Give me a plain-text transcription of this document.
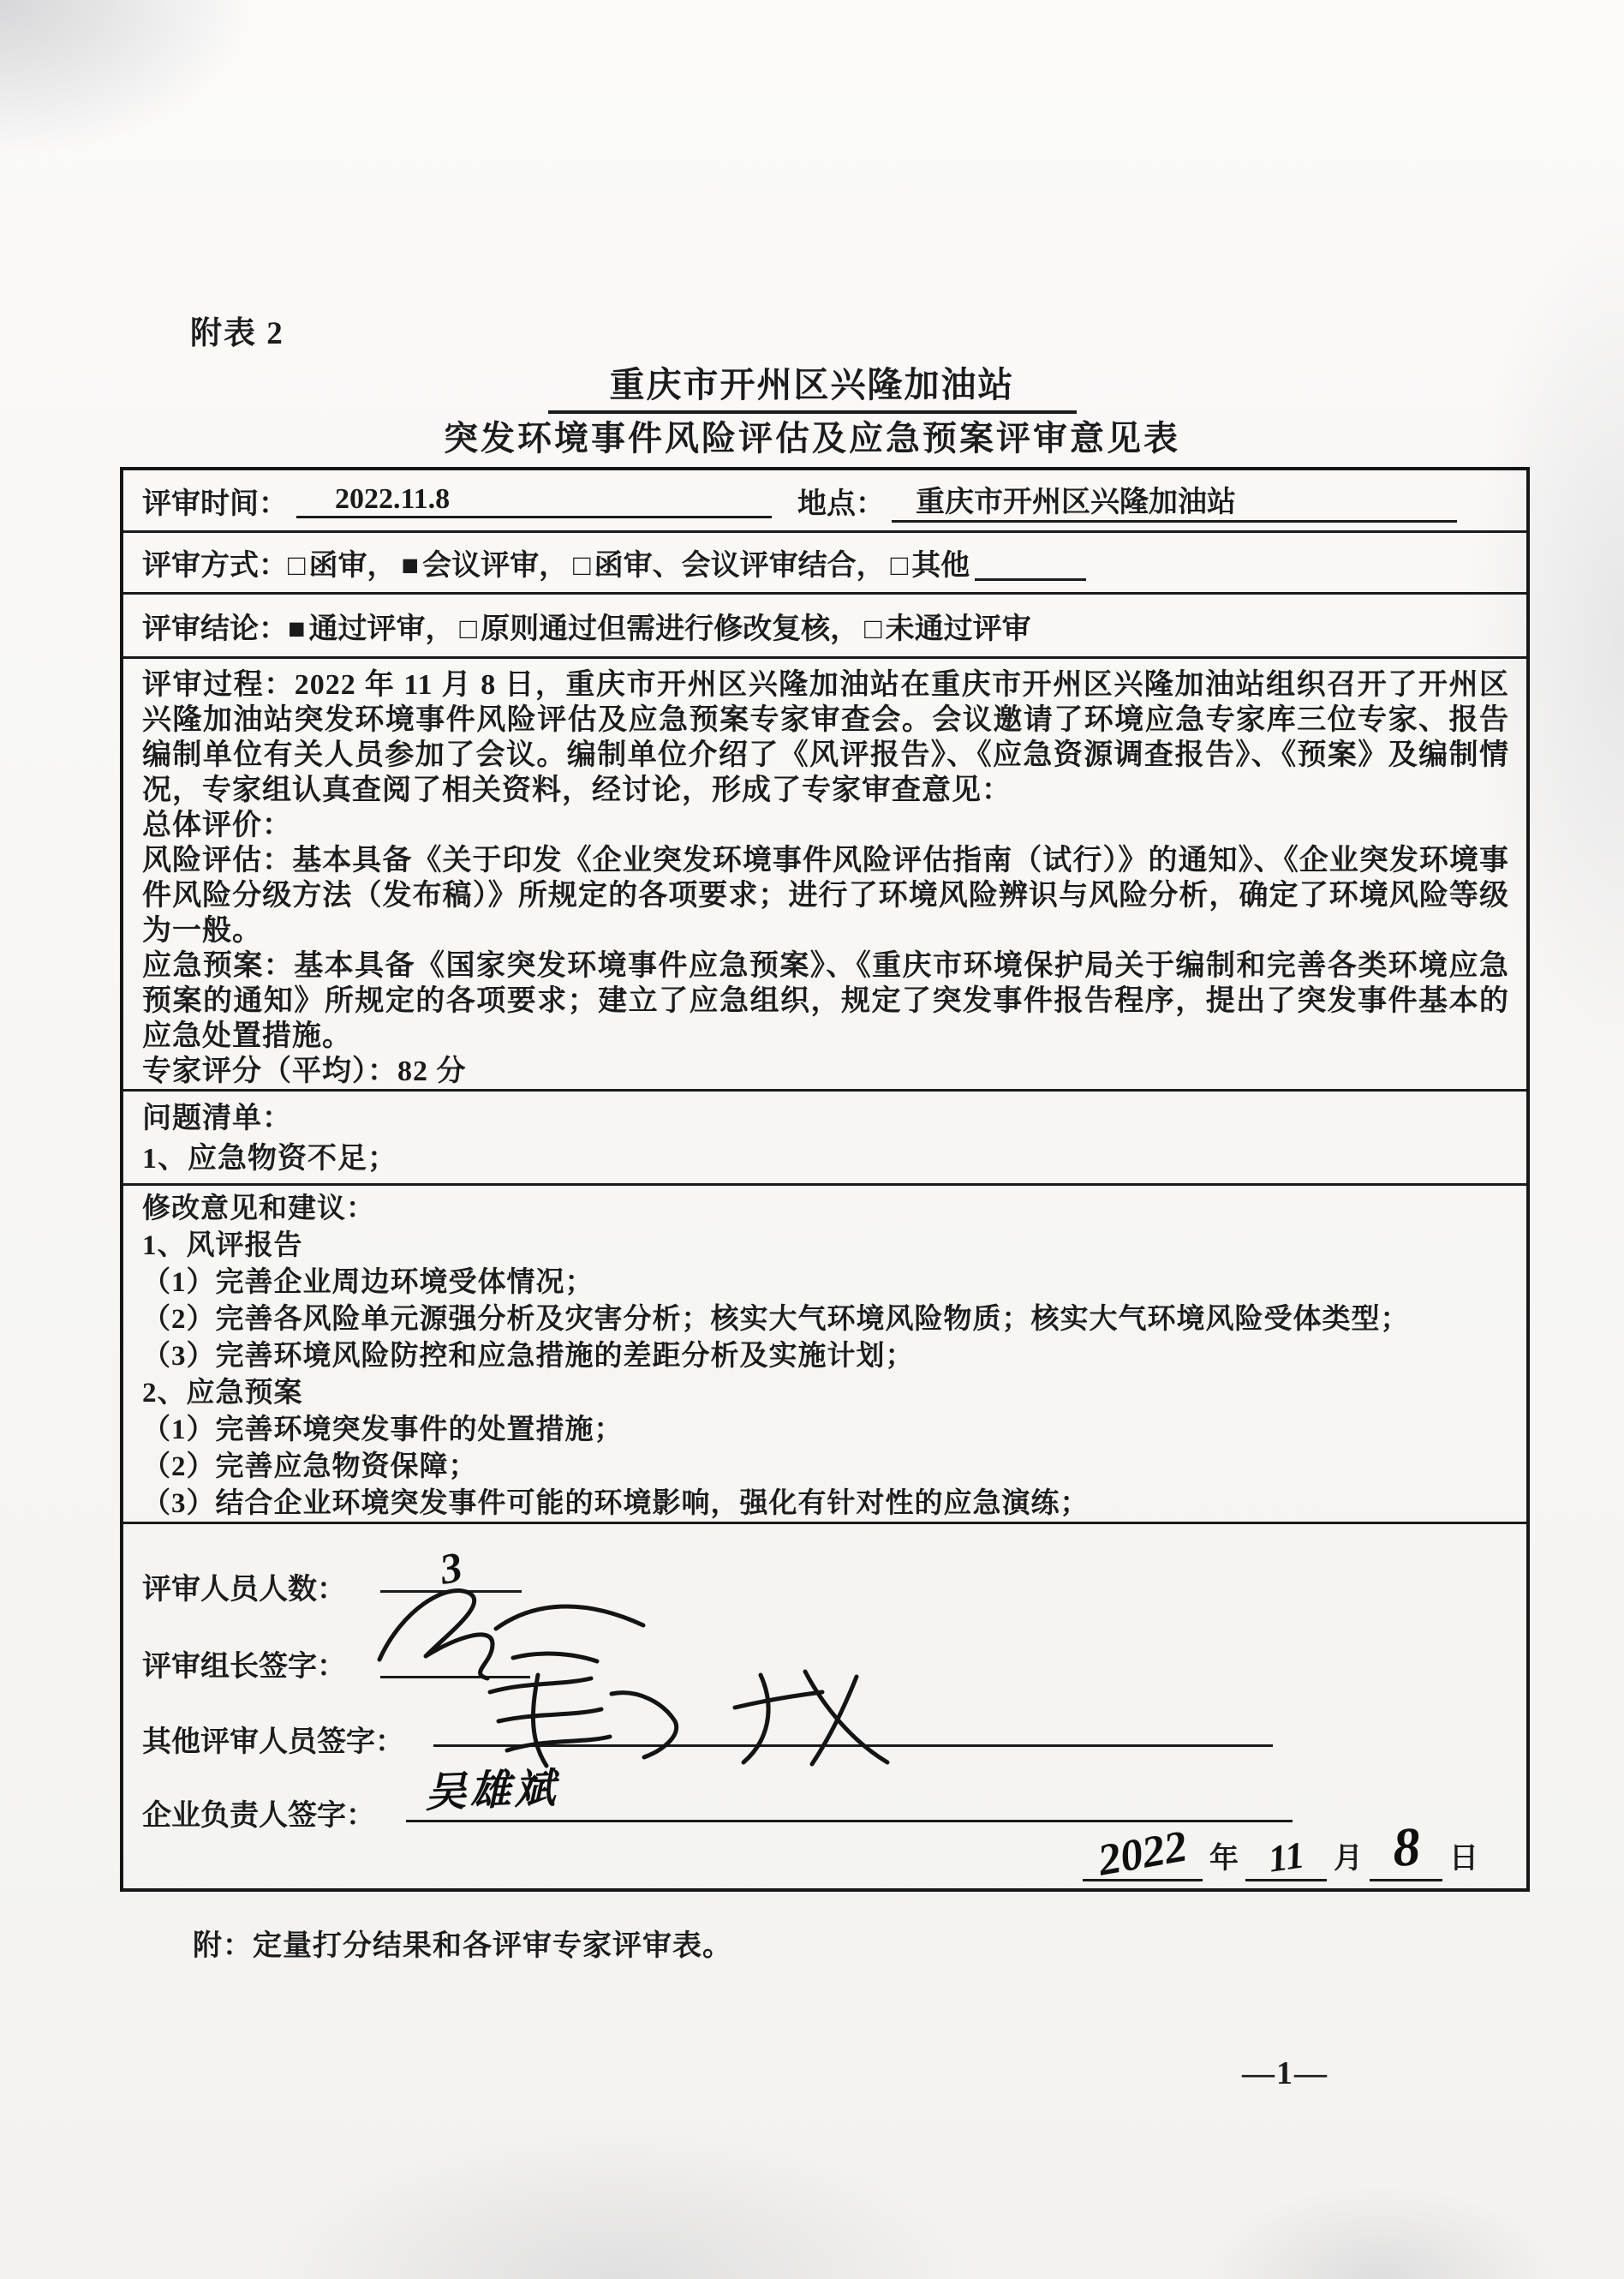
附表 2
重庆市开州区兴隆加油站
突发环境事件风险评估及应急预案评审意见表
评审时间：	2022.11.8	地点：	重庆市开州区兴隆加油站
评审方式： □ 函审， ■ 会议评审， □ 函审、会议评审结合， □ 其他
评审结论： ■ 通过评审， □ 原则通过但需进行修改复核， □ 未通过评审

评审过程：2022 年 11 月 8 日，重庆市开州区兴隆加油站在重庆市开州区兴隆加油站组织召开了开州区兴隆加油站突发环境事件风险评估及应急预案专家审查会。会议邀请了环境应急专家库三位专家、报告编制单位有关人员参加了会议。编制单位介绍了《风评报告》、《应急资源调查报告》、《预案》及编制情况，专家组认真查阅了相关资料，经讨论，形成了专家审查意见：

总体评价：

风险评估：基本具备《关于印发《企业突发环境事件风险评估指南（试行）》的通知》、《企业突发环境事件风险分级方法（发布稿）》所规定的各项要求；进行了环境风险辨识与风险分析，确定了环境风险等级为一般。

应急预案：基本具备《国家突发环境事件应急预案》、《重庆市环境保护局关于编制和完善各类环境应急预案的通知》所规定的各项要求；建立了应急组织，规定了突发事件报告程序，提出了突发事件基本的应急处置措施。

专家评分（平均）：82 分

问题清单：

1、应急物资不足；

修改意见和建议：

1、风评报告

（1）完善企业周边环境受体情况；

（2）完善各风险单元源强分析及灾害分析；核实大气环境风险物质；核实大气环境风险受体类型；

（3）完善环境风险防控和应急措施的差距分析及实施计划；

2、应急预案

（1）完善环境突发事件的处置措施；

（2）完善应急物资保障；

（3）结合企业环境突发事件可能的环境影响，强化有针对性的应急演练；

评审人员人数：	3
评审组长签字：
其他评审人员签字：
企业负责人签字： 吴雄斌
2022 年 11 月 8 日
附：定量打分结果和各评审专家评审表。
—1—
